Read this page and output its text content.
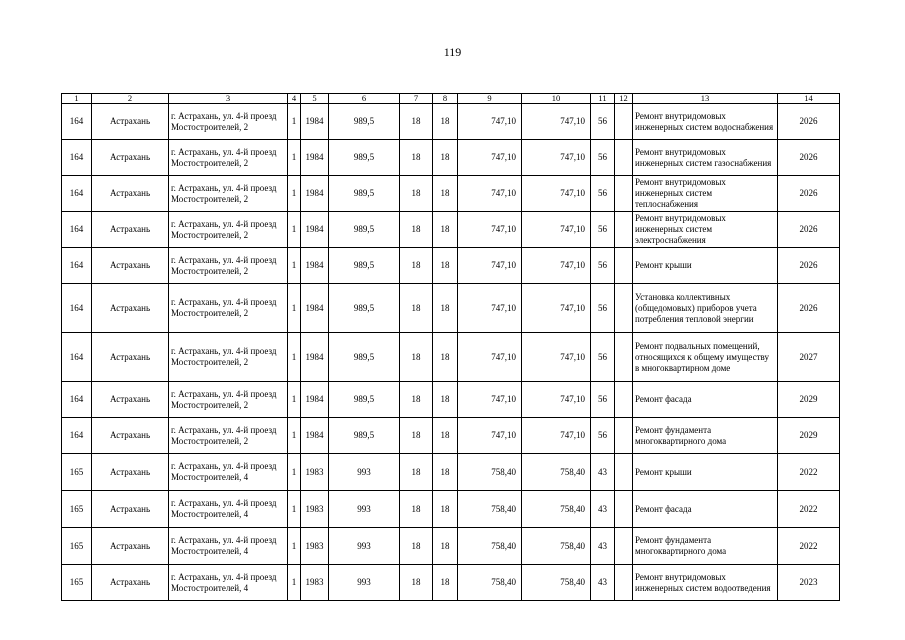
119
1	2	3	4	5	6	7	8	9	10	11	12	13	14
164	Астрахань	г. Астрахань, ул. 4-й проезд Мостостроителей, 2	1	1984	989,5	18	18	747,10	747,10	56		Ремонт внутридомовых инженерных систем водоснабжения	2026
164	Астрахань	г. Астрахань, ул. 4-й проезд Мостостроителей, 2	1	1984	989,5	18	18	747,10	747,10	56		Ремонт внутридомовых инженерных систем газоснабжения	2026
164	Астрахань	г. Астрахань, ул. 4-й проезд Мостостроителей, 2	1	1984	989,5	18	18	747,10	747,10	56		Ремонт внутридомовых инженерных систем теплоснабжения	2026
164	Астрахань	г. Астрахань, ул. 4-й проезд Мостостроителей, 2	1	1984	989,5	18	18	747,10	747,10	56		Ремонт внутридомовых инженерных систем электроснабжения	2026
164	Астрахань	г. Астрахань, ул. 4-й проезд Мостостроителей, 2	1	1984	989,5	18	18	747,10	747,10	56		Ремонт крыши	2026
164	Астрахань	г. Астрахань, ул. 4-й проезд Мостостроителей, 2	1	1984	989,5	18	18	747,10	747,10	56		Установка коллективных (общедомовых) приборов учета потребления тепловой энергии	2026
164	Астрахань	г. Астрахань, ул. 4-й проезд Мостостроителей, 2	1	1984	989,5	18	18	747,10	747,10	56		Ремонт подвальных помещений, относящихся к общему имуществу в многоквартирном доме	2027
164	Астрахань	г. Астрахань, ул. 4-й проезд Мостостроителей, 2	1	1984	989,5	18	18	747,10	747,10	56		Ремонт фасада	2029
164	Астрахань	г. Астрахань, ул. 4-й проезд Мостостроителей, 2	1	1984	989,5	18	18	747,10	747,10	56		Ремонт фундамента многоквартирного дома	2029
165	Астрахань	г. Астрахань, ул. 4-й проезд Мостостроителей, 4	1	1983	993	18	18	758,40	758,40	43		Ремонт крыши	2022
165	Астрахань	г. Астрахань, ул. 4-й проезд Мостостроителей, 4	1	1983	993	18	18	758,40	758,40	43		Ремонт фасада	2022
165	Астрахань	г. Астрахань, ул. 4-й проезд Мостостроителей, 4	1	1983	993	18	18	758,40	758,40	43		Ремонт фундамента многоквартирного дома	2022
165	Астрахань	г. Астрахань, ул. 4-й проезд Мостостроителей, 4	1	1983	993	18	18	758,40	758,40	43		Ремонт внутридомовых инженерных систем водоотведения	2023
